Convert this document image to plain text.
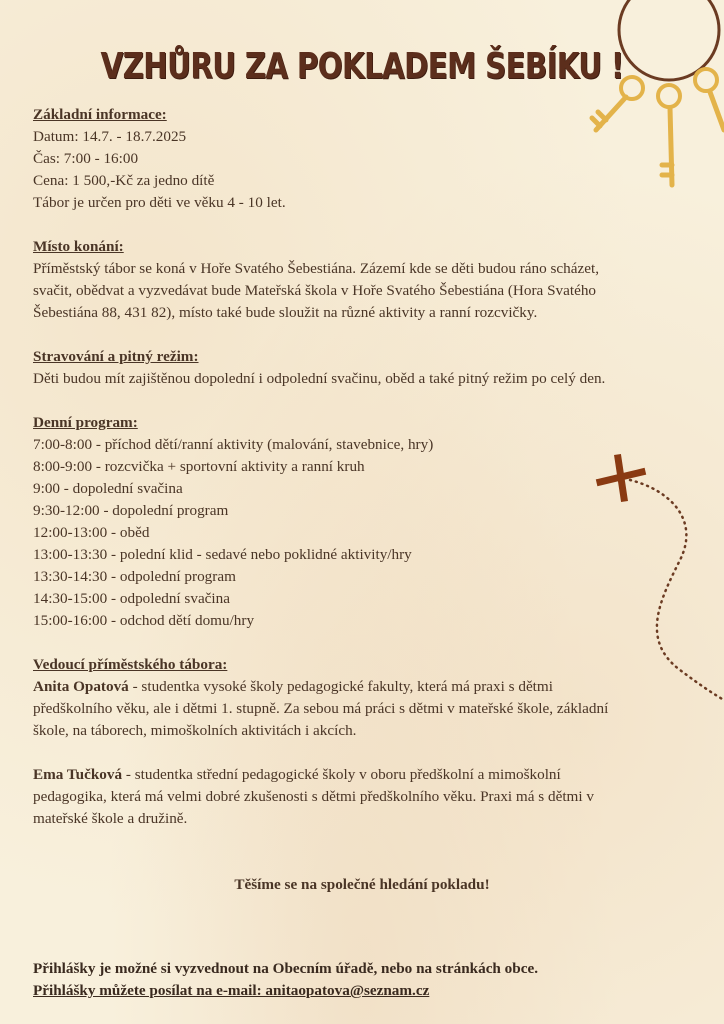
VZHŮRU ZA POKLADEM ŠEBÍKU !
Základní informace:
Datum: 14.7. - 18.7.2025
Čas: 7:00 - 16:00
Cena: 1 500,-Kč za jedno dítě
Tábor je určen pro děti ve věku 4 - 10 let.
Místo konání:
Příměstský tábor se koná v Hoře Svatého Šebestiána. Zázemí kde se děti budou ráno scházet,
svačit, obědvat a vyzvedávat bude Mateřská škola v Hoře Svatého Šebestiána (Hora Svatého
Šebestiána 88, 431 82), místo také bude sloužit na různé aktivity a ranní rozcvičky.
Stravování a pitný režim:
Děti budou mít zajištěnou dopolední i odpolední svačinu, oběd a také pitný režim po celý den.
Denní program:
7:00-8:00 - příchod dětí/ranní aktivity (malování, stavebnice, hry)
8:00-9:00 - rozcvička + sportovní aktivity a ranní kruh
9:00 - dopolední svačina
9:30-12:00 - dopolední program
12:00-13:00 - oběd
13:00-13:30 - polední klid - sedavé nebo poklidné aktivity/hry
13:30-14:30 - odpolední program
14:30-15:00 - odpolední svačina
15:00-16:00 - odchod dětí domu/hry
Vedoucí příměstského tábora:
Anita Opatová - studentka vysoké školy pedagogické fakulty, která má praxi s dětmi
předškolního věku, ale i dětmi 1. stupně. Za sebou má práci s dětmi v mateřské škole, základní
škole, na táborech, mimoškolních aktivitách i akcích.
Ema Tučková - studentka střední pedagogické školy v oboru předškolní a mimoškolní
pedagogika, která má velmi dobré zkušenosti s dětmi předškolního věku. Praxi má s dětmi v
mateřské škole a družině.
Těšíme se na společné hledání pokladu!
Přihlášky je možné si vyzvednout na Obecním úřadě, nebo na stránkách obce.
Přihlášky můžete posílat na e-mail: anitaopatova@seznam.cz
